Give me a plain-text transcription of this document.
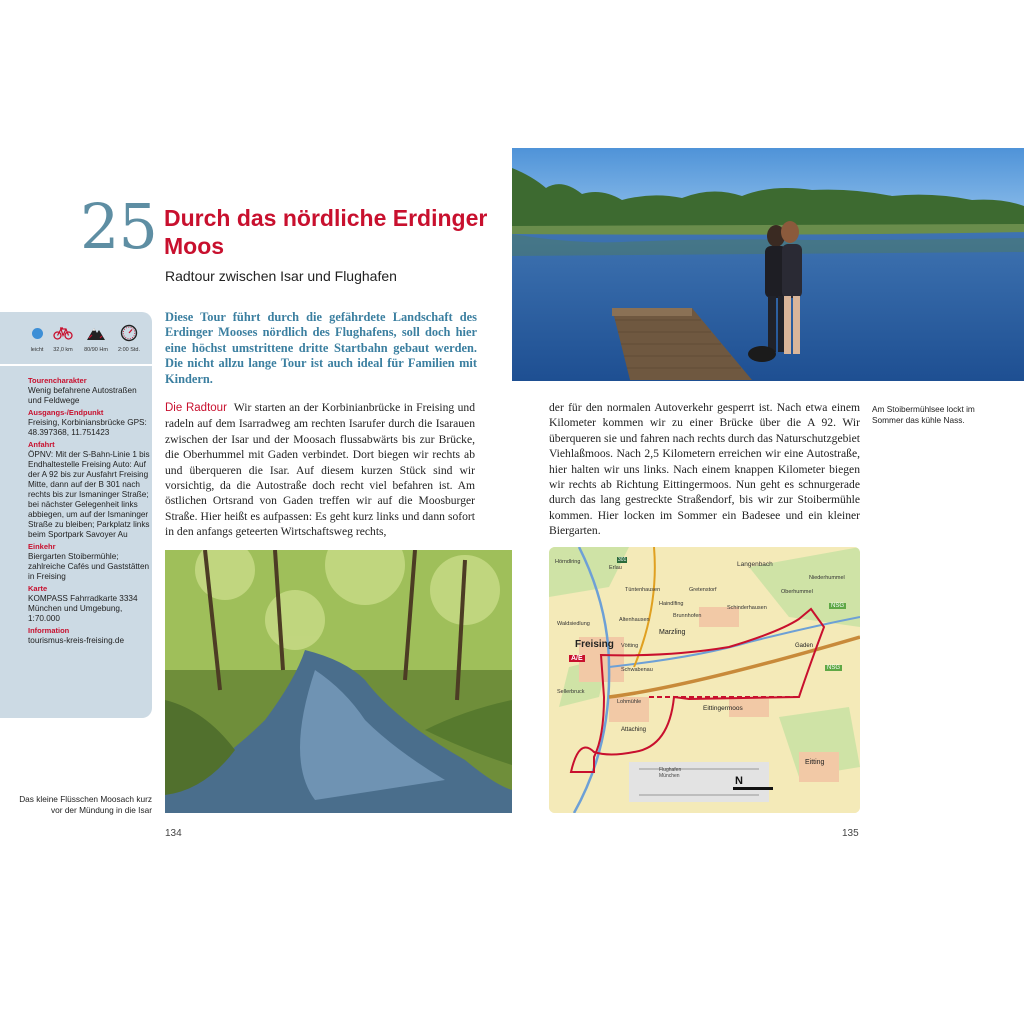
25 Durch das nördliche Erdinger Moos
Radtour zwischen Isar und Flughafen
Diese Tour führt durch die gefährdete Landschaft des Erdinger Mooses nördlich des Flughafens, soll doch hier eine höchst umstrittene dritte Startbahn gebaut werden. Die nicht allzu lange Tour ist auch ideal für Familien mit Kindern.
leicht	32,0 km	80/90 Hm	2:00 Std.
Tourencharakter
Wenig befahrene Autostraßen und Feldwege
Ausgangs-/Endpunkt
Freising, Korbiniansbrücke GPS: 48.397368, 11.751423
Anfahrt
ÖPNV: Mit der S-Bahn-Linie 1 bis Endhaltestelle Freising Auto: Auf der A 92 bis zur Ausfahrt Freising Mitte, dann auf der B 301 nach rechts bis zur Ismaninger Straße; bei nächster Gelegenheit links abbiegen, um auf der Ismaninger Straße zu bleiben; Parkplatz links beim Sportpark Savoyer Au
Einkehr
Biergarten Stoibermühle; zahlreiche Cafés und Gaststätten in Freising
Karte
KOMPASS Fahrradkarte 3334 München und Umgebung, 1:70.000
Information
tourismus-kreis-freising.de
Die Radtour Wir starten an der Korbinianbrücke in Freising und radeln auf dem Isarradweg am rechten Isarufer durch die Isarauen zwischen der Isar und der Moosach flussabwärts bis zur Brücke, die Oberhummel mit Gaden verbindet. Dort biegen wir rechts ab und überqueren die Isar. Auf diesem kurzen Stück sind wir vorsichtig, da die Autostraße doch recht viel befahren ist. Am östlichen Ortsrand von Gaden treffen wir auf die Moosburger Straße. Hier heißt es aufpassen: Es geht kurz links und dann sofort in den anfangs geteerten Wirtschaftsweg rechts,
der für den normalen Autoverkehr gesperrt ist. Nach etwa einem Kilometer kommen wir zu einer Brücke über die A 92. Wir überqueren sie und fahren nach rechts durch das Naturschutzgebiet Viehlaßmoos. Nach 2,5 Kilometern erreichen wir eine Autostraße, hier halten wir uns links. Nach einem knappen Kilometer biegen wir rechts ab Richtung Eittingermoos. Nun geht es schnurgerade durch das lang gestreckte Straßendorf, bis wir zur Stoibermühle kommen. Hier locken im Sommer ein Badesee und ein kleiner Biergarten.
Am Stoibermühlsee lockt im Sommer das kühle Nass.
Das kleine Flüsschen Moosach kurz vor der Mündung in die Isar
Hörndlring
Erlau	Langenbach
Niederhummel
Tüntenhausen
Haindlfing
Gretenstorf
Schinderhausen
Oberhummel
Waldsiedlung
Altenhausen
Brunnhofen
Freising
Marzling
Gaden
Vötting
Schwabenau
Sellerbruck
Lohmühle
Eittingermoos
Attaching
Flughafen München
Eitting
A/E
NSG
NSG
301
N
134	135
